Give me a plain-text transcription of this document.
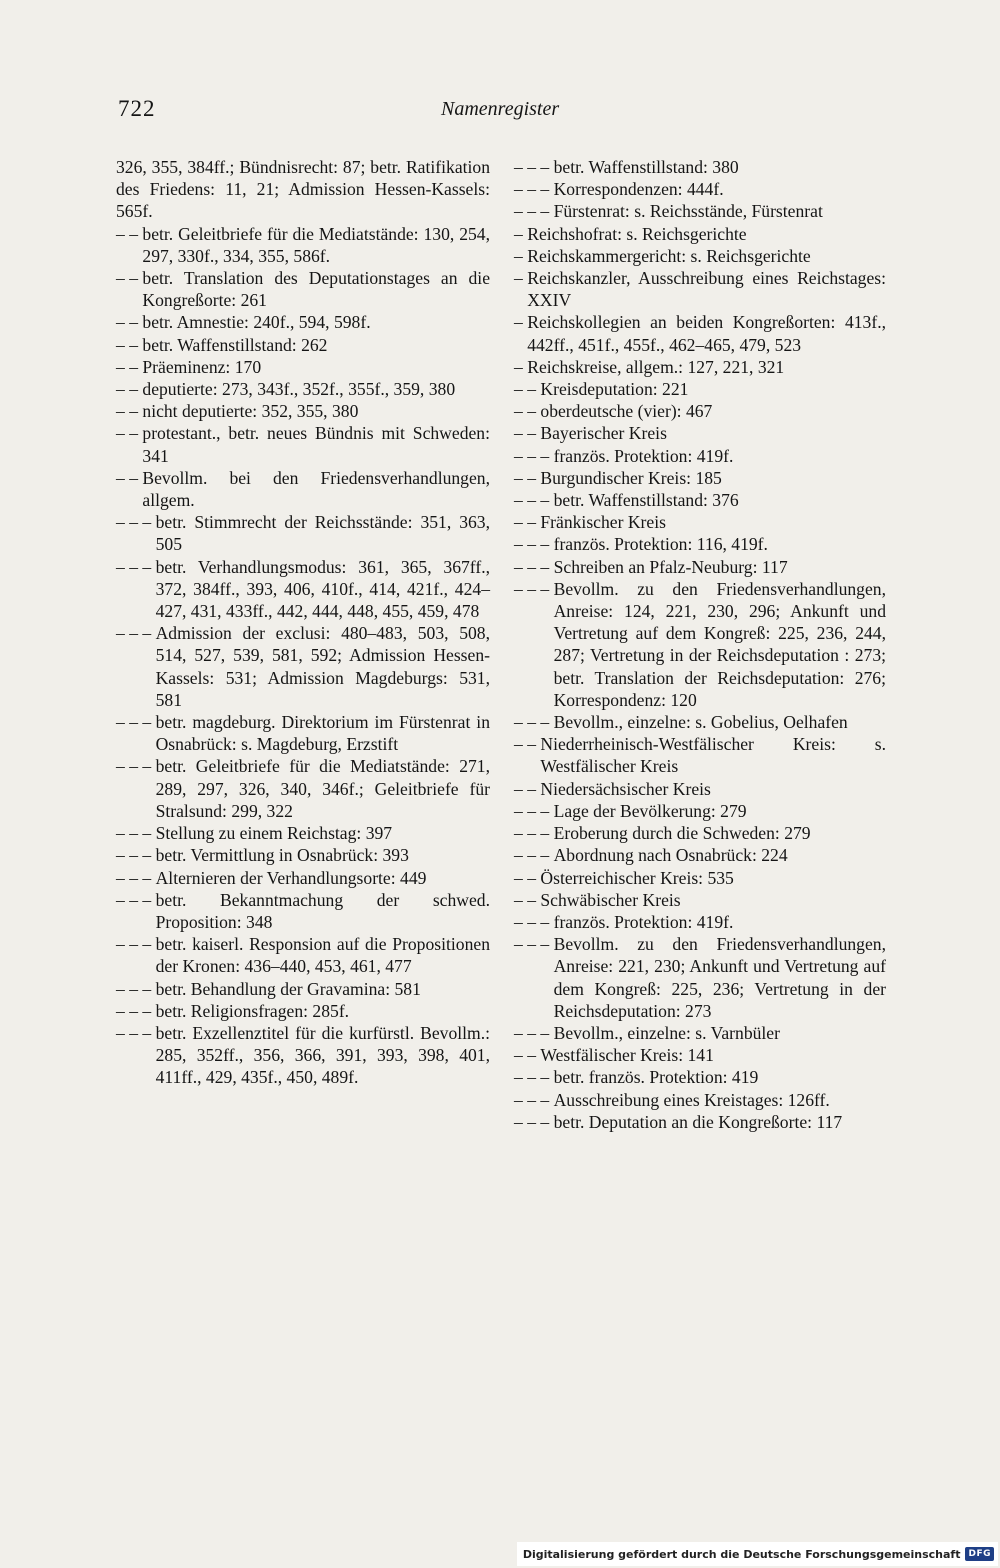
722	Namenregister
326, 355, 384ff.; Bündnisrecht: 87; betr. Ratifikation des Friedens: 11, 21; Admission Hessen-Kassels: 565f.
– – betr. Geleitbriefe für die Mediatstände: 130, 254, 297, 330f., 334, 355, 586f.
– – betr. Translation des Deputationstages an die Kongreßorte: 261
– – betr. Amnestie: 240f., 594, 598f.
– – betr. Waffenstillstand: 262
– – Präeminenz: 170
– – deputierte: 273, 343f., 352f., 355f., 359, 380
– – nicht deputierte: 352, 355, 380
– – protestant., betr. neues Bündnis mit Schweden: 341
– – Bevollm. bei den Friedensverhandlungen, allgem.
– – – betr. Stimmrecht der Reichsstände: 351, 363, 505
– – – betr. Verhandlungsmodus: 361, 365, 367ff., 372, 384ff., 393, 406, 410f., 414, 421f., 424–427, 431, 433ff., 442, 444, 448, 455, 459, 478
– – – Admission der exclusi: 480–483, 503, 508, 514, 527, 539, 581, 592; Admission Hessen-Kassels: 531; Admission Magdeburgs: 531, 581
– – – betr. magdeburg. Direktorium im Fürstenrat in Osnabrück: s. Magdeburg, Erzstift
– – – betr. Geleitbriefe für die Mediatstände: 271, 289, 297, 326, 340, 346f.; Geleitbriefe für Stralsund: 299, 322
– – – Stellung zu einem Reichstag: 397
– – – betr. Vermittlung in Osnabrück: 393
– – – Alternieren der Verhandlungsorte: 449
– – – betr. Bekanntmachung der schwed. Proposition: 348
– – – betr. kaiserl. Responsion auf die Propositionen der Kronen: 436–440, 453, 461, 477
– – – betr. Behandlung der Gravamina: 581
– – – betr. Religionsfragen: 285f.
– – – betr. Exzellenztitel für die kurfürstl. Bevollm.: 285, 352ff., 356, 366, 391, 393, 398, 401, 411ff., 429, 435f., 450, 489f.
– – – betr. Waffenstillstand: 380
– – – Korrespondenzen: 444f.
– – – Fürstenrat: s. Reichsstände, Fürstenrat
– Reichshofrat: s. Reichsgerichte
– Reichskammergericht: s. Reichsgerichte
– Reichskanzler, Ausschreibung eines Reichstages: XXIV
– Reichskollegien an beiden Kongreßorten: 413f., 442ff., 451f., 455f., 462–465, 479, 523
– Reichskreise, allgem.: 127, 221, 321
– – Kreisdeputation: 221
– – oberdeutsche (vier): 467
– – Bayerischer Kreis
– – – französ. Protektion: 419f.
– – Burgundischer Kreis: 185
– – – betr. Waffenstillstand: 376
– – Fränkischer Kreis
– – – französ. Protektion: 116, 419f.
– – – Schreiben an Pfalz-Neuburg: 117
– – – Bevollm. zu den Friedensverhandlungen, Anreise: 124, 221, 230, 296; Ankunft und Vertretung auf dem Kongreß: 225, 236, 244, 287; Vertretung in der Reichsdeputation : 273; betr. Translation der Reichsdeputation: 276; Korrespondenz: 120
– – – Bevollm., einzelne: s. Gobelius, Oelhafen
– – Niederrheinisch-Westfälischer Kreis: s. Westfälischer Kreis
– – Niedersächsischer Kreis
– – – Lage der Bevölkerung: 279
– – – Eroberung durch die Schweden: 279
– – – Abordnung nach Osnabrück: 224
– – Österreichischer Kreis: 535
– – Schwäbischer Kreis
– – – französ. Protektion: 419f.
– – – Bevollm. zu den Friedensverhandlungen, Anreise: 221, 230; Ankunft und Vertretung auf dem Kongreß: 225, 236; Vertretung in der Reichsdeputation: 273
– – – Bevollm., einzelne: s. Varnbüler
– – Westfälischer Kreis: 141
– – – betr. französ. Protektion: 419
– – – Ausschreibung eines Kreistages: 126ff.
– – – betr. Deputation an die Kongreßorte: 117
Digitalisierung gefördert durch die Deutsche Forschungsgemeinschaft DFG
